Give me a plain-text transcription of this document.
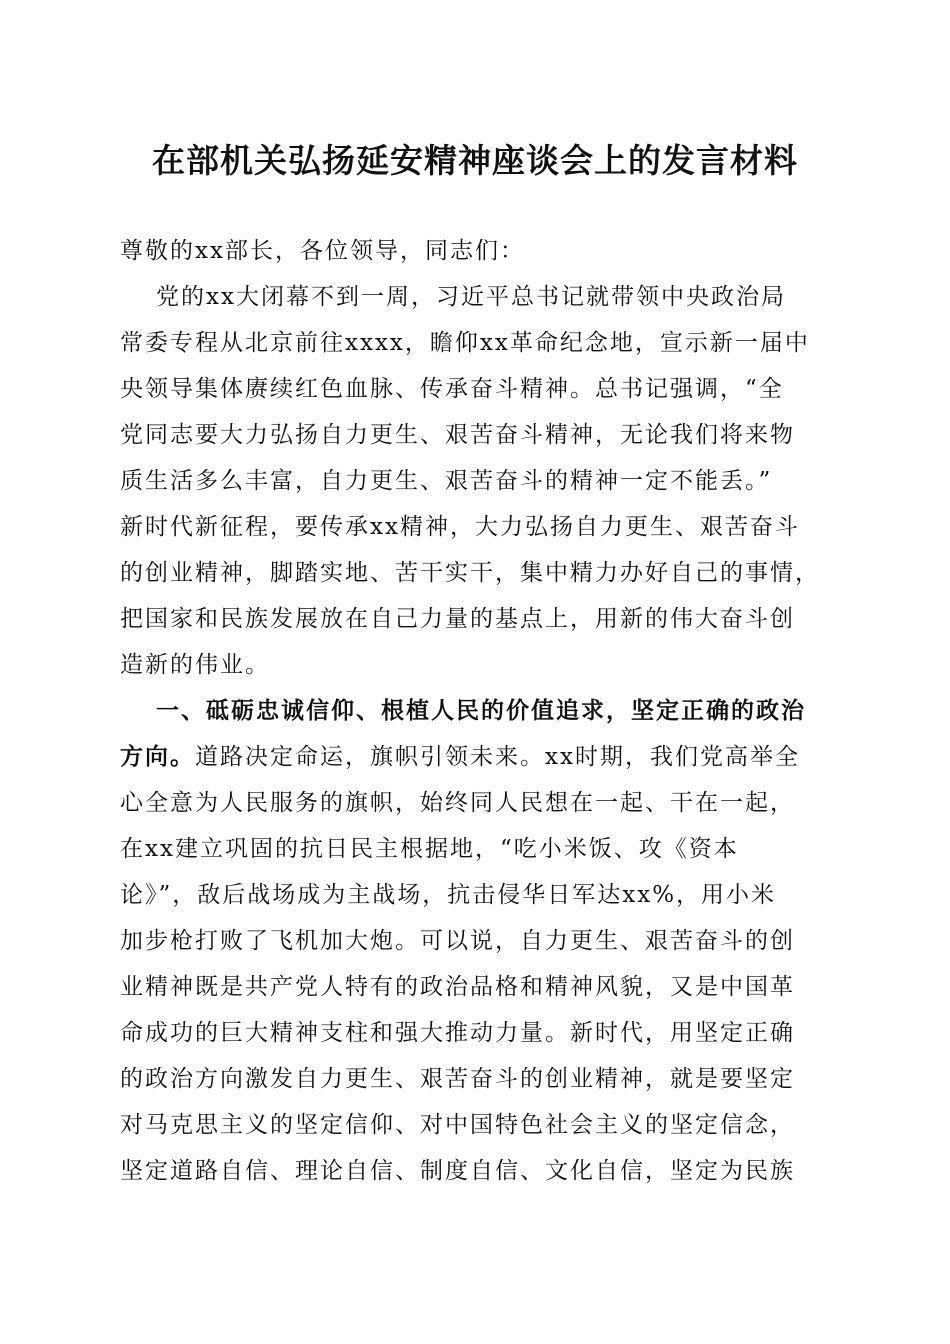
在部机关弘扬延安精神座谈会上的发言材料
尊敬的xx部长，各位领导，同志们：
党的xx大闭幕不到一周，习近平总书记就带领中央政治局
常委专程从北京前往xxxx，瞻仰xx革命纪念地，宣示新一届中
央领导集体赓续红色血脉、传承奋斗精神。总书记强调，“全
党同志要大力弘扬自力更生、艰苦奋斗精神，无论我们将来物
质生活多么丰富，自力更生、艰苦奋斗的精神一定不能丢。”
新时代新征程，要传承xx精神，大力弘扬自力更生、艰苦奋斗
的创业精神，脚踏实地、苦干实干，集中精力办好自己的事情，
把国家和民族发展放在自己力量的基点上，用新的伟大奋斗创
造新的伟业。
一、砥砺忠诚信仰、根植人民的价值追求，坚定正确的政治
方向。道路决定命运，旗帜引领未来。xx时期，我们党高举全
心全意为人民服务的旗帜，始终同人民想在一起、干在一起，
在xx建立巩固的抗日民主根据地，“吃小米饭、攻《资本
论》”，敌后战场成为主战场，抗击侵华日军达xx%，用小米
加步枪打败了飞机加大炮。可以说，自力更生、艰苦奋斗的创
业精神既是共产党人特有的政治品格和精神风貌，又是中国革
命成功的巨大精神支柱和强大推动力量。新时代，用坚定正确
的政治方向激发自力更生、艰苦奋斗的创业精神，就是要坚定
对马克思主义的坚定信仰、对中国特色社会主义的坚定信念，
坚定道路自信、理论自信、制度自信、文化自信，坚定为民族
